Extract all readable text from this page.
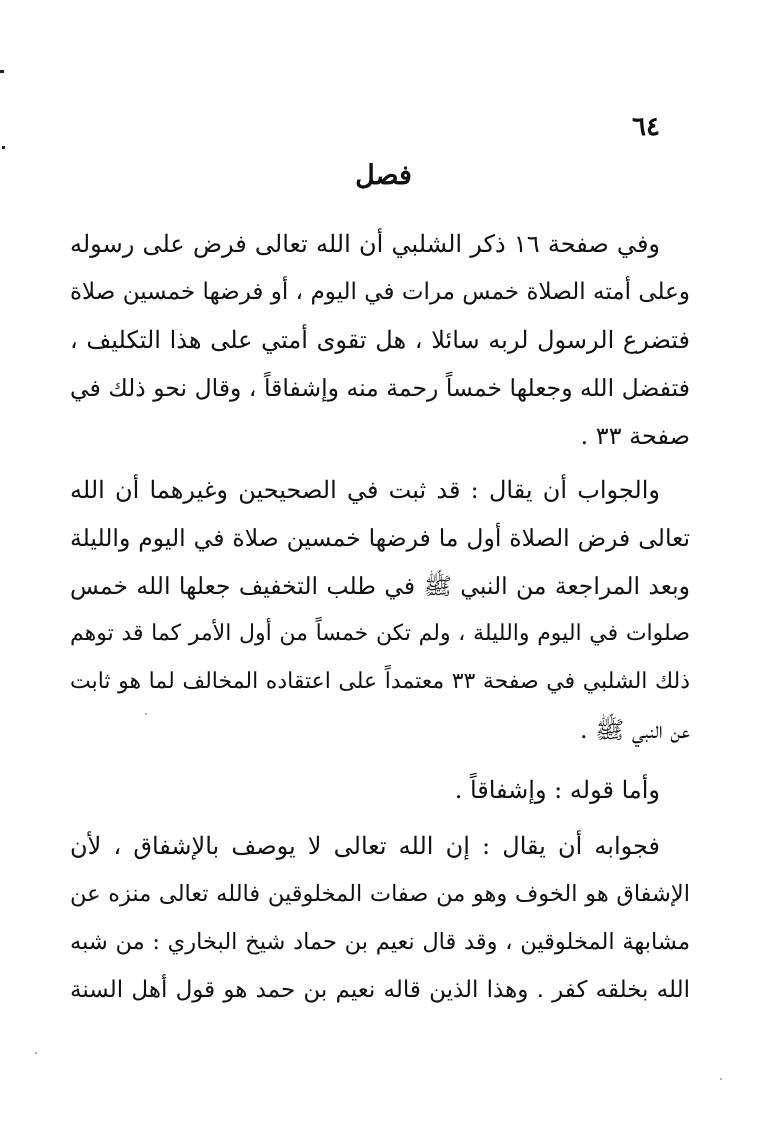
٦٤
فصل
وفي صفحة ١٦ ذكر الشلبي أن الله تعالى فرض على رسوله
وعلى أمته الصلاة خمس مرات في اليوم ، أو فرضها خمسين صلاة
فتضرع الرسول لربه سائلا ، هل تقوى أمتي على هذا التكليف ،
فتفضل الله وجعلها خمساً رحمة منه وإشفاقاً ، وقال نحو ذلك في
صفحة ٣٣ .
والجواب أن يقال : قد ثبت في الصحيحين وغيرهما أن الله
تعالى فرض الصلاة أول ما فرضها خمسين صلاة في اليوم والليلة
وبعد المراجعة من النبي ﷺ في طلب التخفيف جعلها الله خمس
صلوات في اليوم والليلة ، ولم تكن خمساً من أول الأمر كما قد توهم
ذلك الشلبي في صفحة ٣٣ معتمداً على اعتقاده المخالف لما هو ثابت
عن النبي ﷺ .
وأما قوله : وإشفاقاً .
فجوابه أن يقال : إن الله تعالى لا يوصف بالإشفاق ، لأن
الإشفاق هو الخوف وهو من صفات المخلوقين فالله تعالى منزه عن
مشابهة المخلوقين ، وقد قال نعيم بن حماد شيخ البخاري : من شبه
الله بخلقه كفر . وهذا الذين قاله نعيم بن حمد هو قول أهل السنة
